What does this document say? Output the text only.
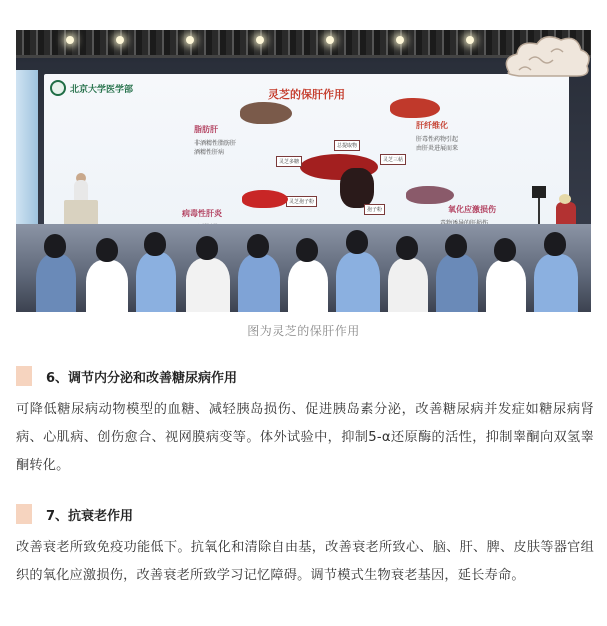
北京大学医学部	灵芝的保肝作用
脂肪肝
非酒精性脂肪肝
酒精性肝病
肝纤维化
肝毒性药物引起
由肝炎进展而来
灵芝多糖	灵芝三萜
灵芝孢子粉
孢子粉
总提取物
病毒性肝炎	氧化应激损伤
图为灵芝的保肝作用
6、调节内分泌和改善糖尿病作用
可降低糖尿病动物模型的血糖、减轻胰岛损伤、促进胰岛素分泌，改善糖尿病并发症如糖尿病肾病、心肌病、创伤愈合、视网膜病变等。体外试验中，抑制5-α还原酶的活性，抑制睾酮向双氢睾酮转化。
7、抗衰老作用
改善衰老所致免疫功能低下。抗氧化和清除自由基，改善衰老所致心、脑、肝、脾、皮肤等器官组织的氧化应激损伤，改善衰老所致学习记忆障碍。调节模式生物衰老基因，延长寿命。
